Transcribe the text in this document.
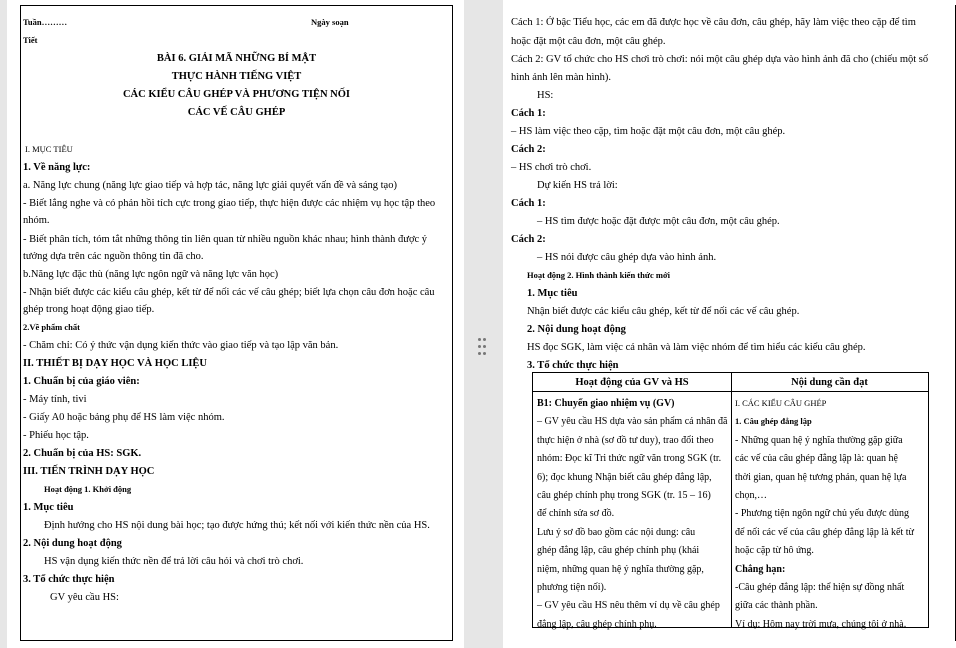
Tuần………	Ngày soạn
Tiết
BÀI 6. GIẢI MÃ NHỮNG BÍ MẬT
THỰC HÀNH TIẾNG VIỆT
CÁC KIỂU CÂU GHÉP VÀ PHƯƠNG TIỆN NỐI
CÁC VẾ CÂU GHÉP
I. MỤC TIÊU
1. Về năng lực:
a. Năng lực chung (năng lực giao tiếp và hợp tác, năng lực giải quyết vấn đề và sáng tạo)
- Biết lắng nghe và có phản hồi tích cực trong giao tiếp, thực hiện được các nhiệm vụ học tập theo
nhóm.
- Biết phân tích, tóm tắt những thông tin liên quan từ nhiều nguồn khác nhau; hình thành được ý
tưởng dựa trên các nguồn thông tin đã cho.
b.Năng lực đặc thù (năng lực ngôn ngữ và năng lực văn học)
- Nhận biết được các kiểu câu ghép, kết từ để nối các vế câu ghép; biết lựa chọn câu đơn hoặc câu
ghép trong hoạt động giao tiếp.
2.Về phẩm chất
- Chăm chỉ: Có ý thức vận dụng kiến thức vào giao tiếp và tạo lập văn bản.
II. THIẾT BỊ DẠY HỌC VÀ HỌC LIỆU
1. Chuẩn bị của giáo viên:
- Máy tính, tivi
- Giấy A0 hoặc bảng phụ để HS làm việc nhóm.
- Phiếu học tập.
2. Chuẩn bị của HS: SGK.
III. TIẾN TRÌNH DẠY HỌC
Hoạt động 1. Khởi động
1. Mục tiêu
Định hướng cho HS nội dung bài học; tạo được hứng thú; kết nối với kiến thức nền của HS.
2. Nội dung hoạt động
HS vận dụng kiến thức nền để trả lời câu hỏi và chơi trò chơi.
3. Tổ chức thực hiện
GV yêu cầu HS:
Cách 1: Ở bậc Tiểu học, các em đã được học về câu đơn, câu ghép, hãy làm việc theo cặp để tìm
hoặc đặt một câu đơn, một câu ghép.
Cách 2: GV tổ chức cho HS chơi trò chơi: nói một câu ghép dựa vào hình ảnh đã cho (chiếu một số
hình ảnh lên màn hình).
HS:
Cách 1:
– HS làm việc theo cặp, tìm hoặc đặt một câu đơn, một câu ghép.
Cách 2:
– HS chơi trò chơi.
Dự kiến HS trả lời:
Cách 1:
– HS tìm được hoặc đặt được một câu đơn, một câu ghép.
Cách 2:
– HS nói được câu ghép dựa vào hình ảnh.
Hoạt động 2. Hình thành kiến thức mới
1. Mục tiêu
Nhận biết được các kiểu câu ghép, kết từ để nối các vế câu ghép.
2. Nội dung hoạt động
HS đọc SGK, làm việc cá nhân và làm việc nhóm để tìm hiểu các kiểu câu ghép.
3. Tổ chức thực hiện
Hoạt động của GV và HS	Nội dung cần đạt
B1: Chuyển giao nhiệm vụ (GV)
– GV yêu cầu HS dựa vào sản phẩm cá nhân đã
thực hiện ở nhà (sơ đồ tư duy), trao đổi theo
nhóm: Đọc kĩ Tri thức ngữ văn trong SGK (tr.
6); đọc khung Nhận biết câu ghép đẳng lập,
câu ghép chính phụ trong SGK (tr. 15 – 16)
để chỉnh sửa sơ đồ.
Lưu ý sơ đồ bao gồm các nội dung: câu
ghép đẳng lập, câu ghép chính phụ (khái
niệm, những quan hệ ý nghĩa thường gặp,
phương tiện nối).
– GV yêu cầu HS nêu thêm ví dụ về câu ghép
đẳng lập, câu ghép chính phụ.
I. CÁC KIỂU CÂU GHÉP
1. Câu ghép đẳng lập
- Những quan hệ ý nghĩa thường gặp giữa
các vế của câu ghép đẳng lập là: quan hệ
thời gian, quan hệ tương phản, quan hệ lựa
chọn,…
- Phương tiện ngôn ngữ chủ yếu được dùng
để nối các vế của câu ghép đẳng lập là kết từ
hoặc cặp từ hô ứng.
Chẳng hạn:
-Câu ghép đẳng lập: thể hiện sự đồng nhất
giữa các thành phần.
Ví dụ: Hôm nay trời mưa, chúng tôi ở nhà.
